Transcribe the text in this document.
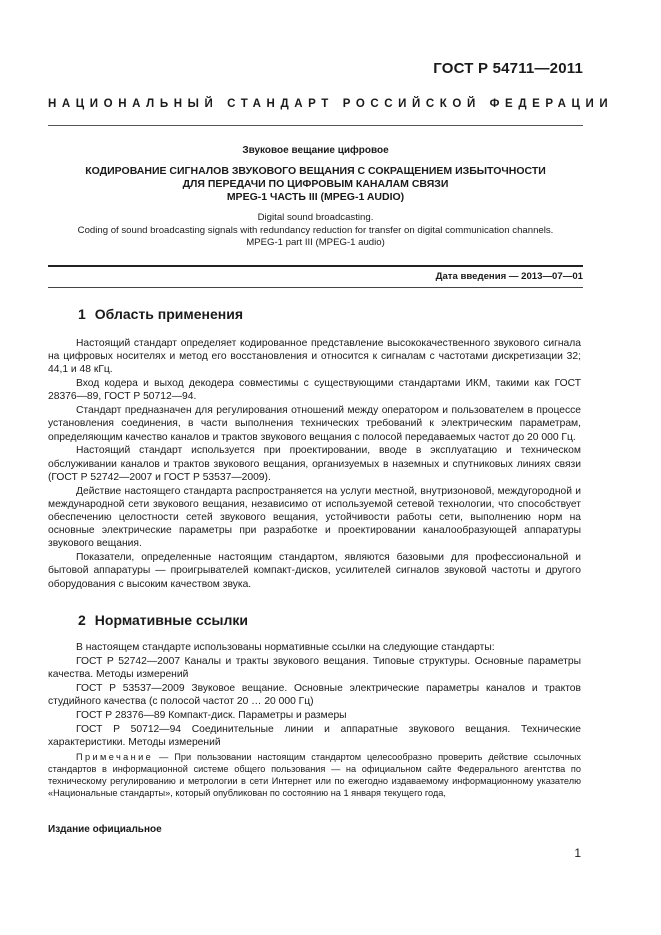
ГОСТ Р 54711—2011
НАЦИОНАЛЬНЫЙ СТАНДАРТ РОССИЙСКОЙ ФЕДЕРАЦИИ
Звуковое вещание цифровое
КОДИРОВАНИЕ СИГНАЛОВ ЗВУКОВОГО ВЕЩАНИЯ С СОКРАЩЕНИЕМ ИЗБЫТОЧНОСТИ
ДЛЯ ПЕРЕДАЧИ ПО ЦИФРОВЫМ КАНАЛАМ СВЯЗИ
MPEG-1 ЧАСТЬ III (MPEG-1 AUDIO)
Digital sound broadcasting.
Coding of sound broadcasting signals with redundancy reduction for transfer on digital communication channels.
MPEG-1 part III (MPEG-1 audio)
Дата введения — 2013—07—01
1 Область применения

Настоящий стандарт определяет кодированное представление высококачественного звукового сигнала на цифровых носителях и метод его восстановления и относится к сигналам с частотами дискретизации 32; 44,1 и 48 кГц.

Вход кодера и выход декодера совместимы с существующими стандартами ИКМ, такими как ГОСТ 28376—89, ГОСТ Р 50712—94.

Стандарт предназначен для регулирования отношений между оператором и пользователем в процессе установления соединения, в части выполнения технических требований к электрическим параметрам, определяющим качество каналов и трактов звукового вещания с полосой передаваемых частот до 20 000 Гц.

Настоящий стандарт используется при проектировании, вводе в эксплуатацию и техническом обслуживании каналов и трактов звукового вещания, организуемых в наземных и спутниковых линиях связи (ГОСТ Р 52742—2007 и ГОСТ Р 53537—2009).

Действие настоящего стандарта распространяется на услуги местной, внутризоновой, междугородной и международной сети звукового вещания, независимо от используемой сетевой технологии, что способствует обеспечению целостности сетей звукового вещания, устойчивости работы сети, выполнению норм на основные электрические параметры при разработке и проектировании каналообразующей аппаратуры звукового вещания.

Показатели, определенные настоящим стандартом, являются базовыми для профессиональной и бытовой аппаратуры — проигрывателей компакт-дисков, усилителей сигналов звуковой частоты и другого оборудования с высоким качеством звука.

2 Нормативные ссылки

В настоящем стандарте использованы нормативные ссылки на следующие стандарты:

ГОСТ Р 52742—2007 Каналы и тракты звукового вещания. Типовые структуры. Основные параметры качества. Методы измерений

ГОСТ Р 53537—2009 Звуковое вещание. Основные электрические параметры каналов и трактов студийного качества (с полосой частот 20 … 20 000 Гц)

ГОСТ Р 28376—89 Компакт-диск. Параметры и размеры

ГОСТ Р 50712—94 Соединительные линии и аппаратные звукового вещания. Технические характеристики. Методы измерений

Примечание — При пользовании настоящим стандартом целесообразно проверить действие ссылочных стандартов в информационной системе общего пользования — на официальном сайте Федерального агентства по техническому регулированию и метрологии в сети Интернет или по ежегодно издаваемому информационному указателю «Национальные стандарты», который опубликован по состоянию на 1 января текущего года,
Издание официальное
1
